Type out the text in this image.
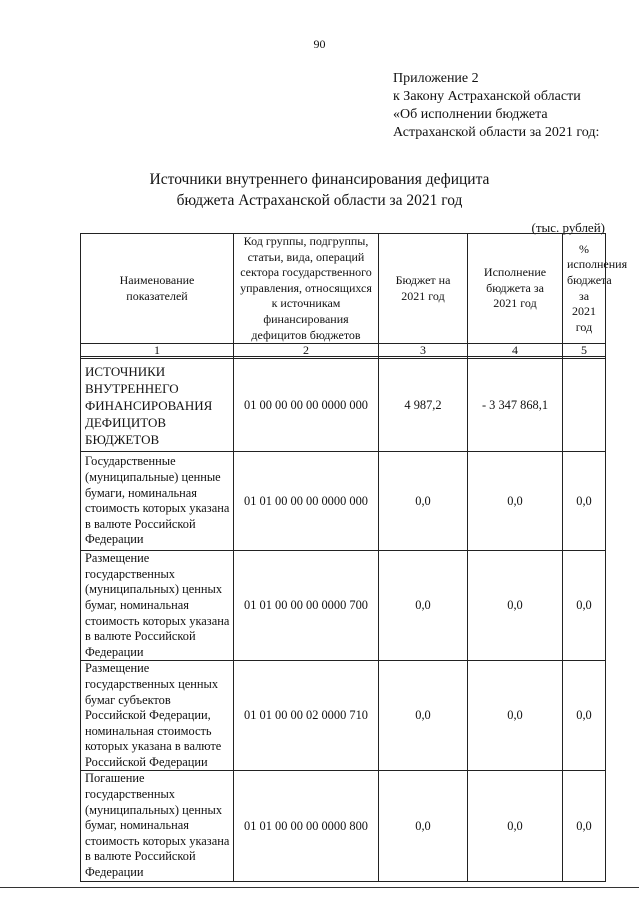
90
Приложение 2
к Закону Астраханской области
«Об исполнении бюджета
Астраханской области за 2021 год:
Источники внутреннего финансирования дефицита
бюджета Астраханской области за 2021 год
(тыс. рублей)
Наименование показателей	Код группы, подгруппы, статьи, вида, операций сектора государственного управления, относящихся к источникам финансирования дефицитов бюджетов	Бюджет на 2021 год	Исполнение бюджета за 2021 год	% исполнения бюджета за 2021 год
1	2	3	4	5

ИСТОЧНИКИ ВНУТРЕННЕГО ФИНАНСИРОВАНИЯ ДЕФИЦИТОВ БЮДЖЕТОВ	01 00 00 00 00 0000 000	4 987,2	- 3 347 868,1	
Государственные (муниципальные) ценные бумаги, номинальная стоимость которых указана в валюте Российской Федерации	01 01 00 00 00 0000 000	0,0	0,0	0,0
Размещение государственных (муниципальных) ценных бумаг, номинальная стоимость которых указана в валюте Российской Федерации	01 01 00 00 00 0000 700	0,0	0,0	0,0
Размещение государственных ценных бумаг субъектов Российской Федерации, номинальная стоимость которых указана в валюте Российской Федерации	01 01 00 00 02 0000 710	0,0	0,0	0,0
Погашение государственных (муниципальных) ценных бумаг, номинальная стоимость которых указана в валюте Российской Федерации	01 01 00 00 00 0000 800	0,0	0,0	0,0
